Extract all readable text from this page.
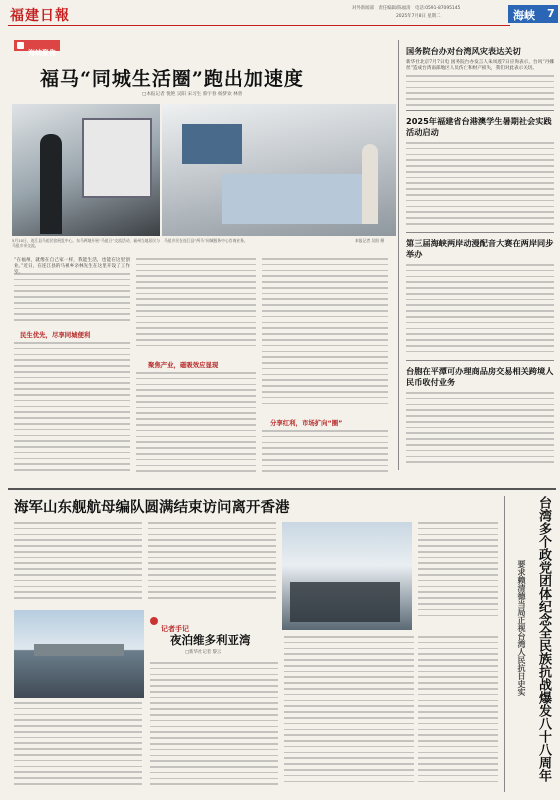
福建日報	对外新闻部　责任编辑/陈福清　电话:0591-87095145
2025年7月8日 星期二	海峡 7
海峡聚焦
福马“同城生活圈”跑出加速度
□本报记者 悦艳 吴阳 宋习生 蔡宇春 杨梦欢 林曾
5月10日，连江县马祖民宿展览中心，东马两地开展“马祖日”交流活动，福州当地居民与马祖乡亲交流。
马祖乡民在连江县“两马”同城服务中心咨询业务。	本报记者 吴阳 摄
“在福州，就像在自己家一样，我能生活，也能在这里创业。”近日，在连江县的马祖乡亲林先生在这里开设了工作
民生优先，尽享同城便利
聚焦产业，磁吸效应显现
分享红利，市场扩向“圈”
国务院台办对台湾风灾表达关切
新华社北京7月7日电 国务院台办发言人朱凤莲7日应询表示，台风“丹娜丝”造成台湾南部地区人员伤亡和财产损失，我们对此表示关切。
2025年福建省台港澳学生暑期社会实践活动启动
第三届海峡两岸动漫配音大赛在两岸同步举办
台胞在平潭可办理商品房交易相关跨境人民币收付业务
海军山东舰航母编队圆满结束访问离开香港
记者手记
夜泊维多利亚湾
□新华社记者 黎云	台湾多个政党团体纪念全民族抗战爆发八十八周年
要求赖清德当局正视台湾人民抗日史实
